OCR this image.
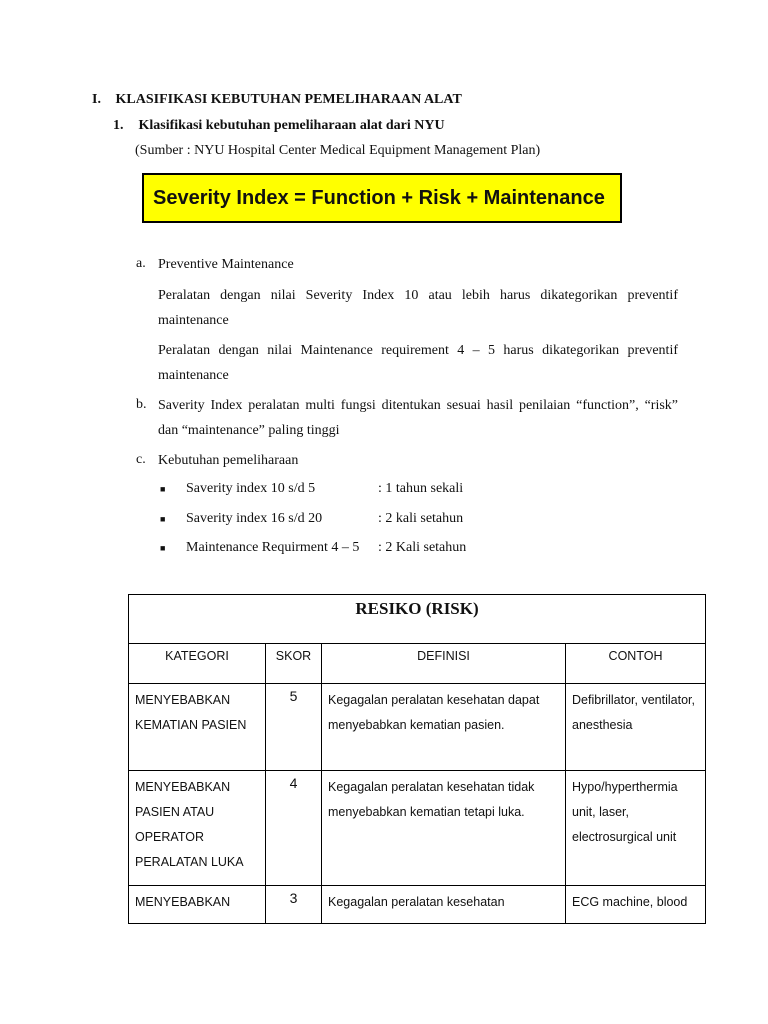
I. KLASIFIKASI KEBUTUHAN PEMELIHARAAN ALAT
1. Klasifikasi kebutuhan pemeliharaan alat dari NYU
(Sumber : NYU Hospital Center Medical Equipment Management Plan)
Severity Index = Function + Risk + Maintenance
a. Preventive Maintenance
Peralatan dengan nilai Severity Index 10 atau lebih harus dikategorikan preventif maintenance
Peralatan dengan nilai Maintenance requirement 4 – 5 harus dikategorikan preventif maintenance
b. Saverity Index peralatan multi fungsi ditentukan sesuai hasil penilaian “function”, “risk” dan “maintenance” paling tinggi
c. Kebutuhan pemeliharaan
■ Saverity index 10 s/d 5	: 1 tahun sekali
■ Saverity index 16 s/d 20	: 2 kali setahun
■ Maintenance Requirment 4 – 5 : 2 Kali setahun
RESIKO (RISK)			
KATEGORI	SKOR	DEFINISI	CONTOH
MENYEBABKAN KEMATIAN PASIEN	5	Kegagalan peralatan kesehatan dapat menyebabkan kematian pasien.	Defibrillator, ventilator, anesthesia
MENYEBABKAN PASIEN ATAU OPERATOR PERALATAN LUKA	4	Kegagalan peralatan kesehatan tidak menyebabkan kematian tetapi luka.	Hypo/hyperthermia unit, laser, electrosurgical unit
MENYEBABKAN	3	Kegagalan peralatan kesehatan	ECG machine, blood
